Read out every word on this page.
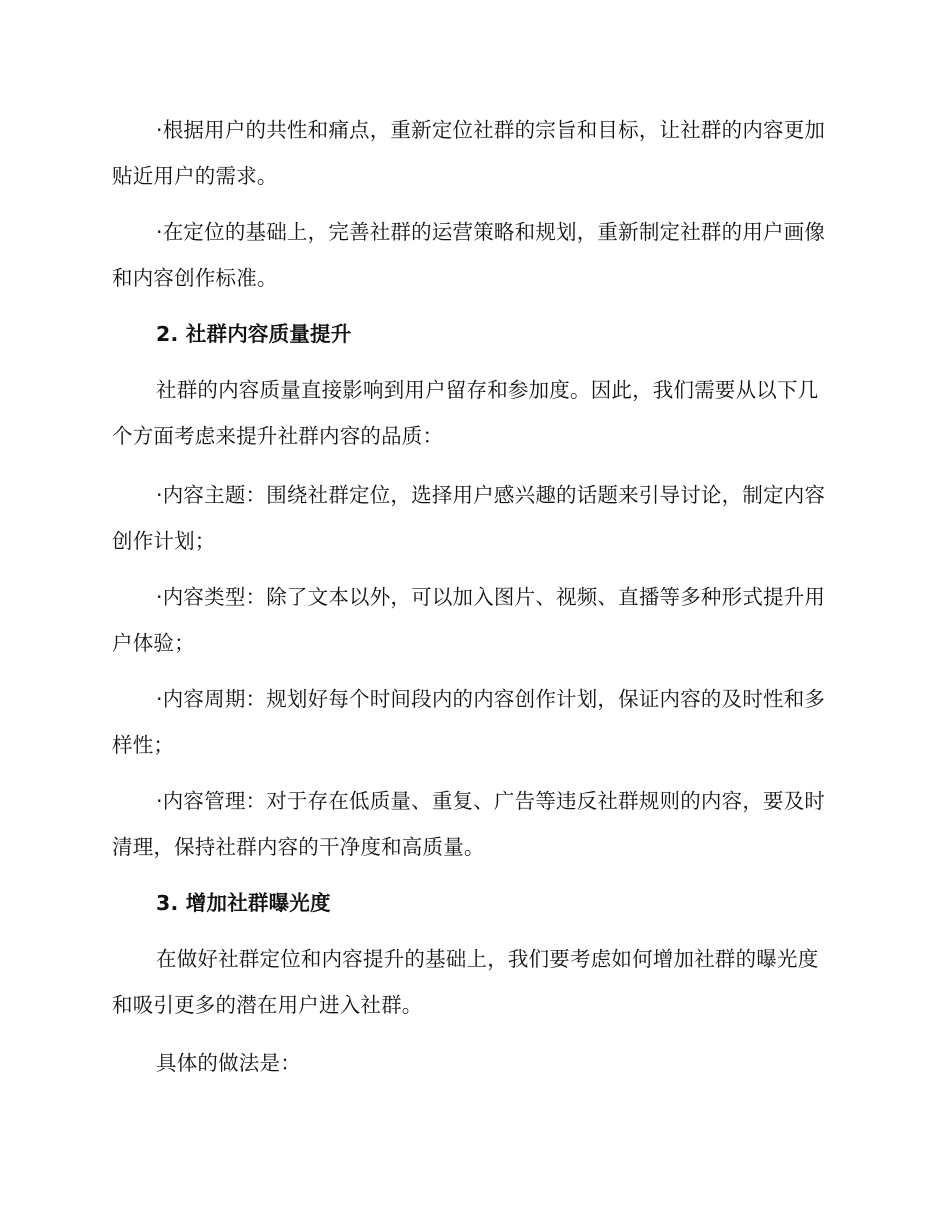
·根据用户的共性和痛点，重新定位社群的宗旨和目标，让社群的内容更加贴近用户的需求。

·在定位的基础上，完善社群的运营策略和规划，重新制定社群的用户画像和内容创作标准。

2. 社群内容质量提升

社群的内容质量直接影响到用户留存和参加度。因此，我们需要从以下几个方面考虑来提升社群内容的品质：

·内容主题：围绕社群定位，选择用户感兴趣的话题来引导讨论，制定内容创作计划；

·内容类型：除了文本以外，可以加入图片、视频、直播等多种形式提升用户体验；

·内容周期：规划好每个时间段内的内容创作计划，保证内容的及时性和多样性；

·内容管理：对于存在低质量、重复、广告等违反社群规则的内容，要及时清理，保持社群内容的干净度和高质量。

3. 增加社群曝光度

在做好社群定位和内容提升的基础上，我们要考虑如何增加社群的曝光度和吸引更多的潜在用户进入社群。

具体的做法是：
